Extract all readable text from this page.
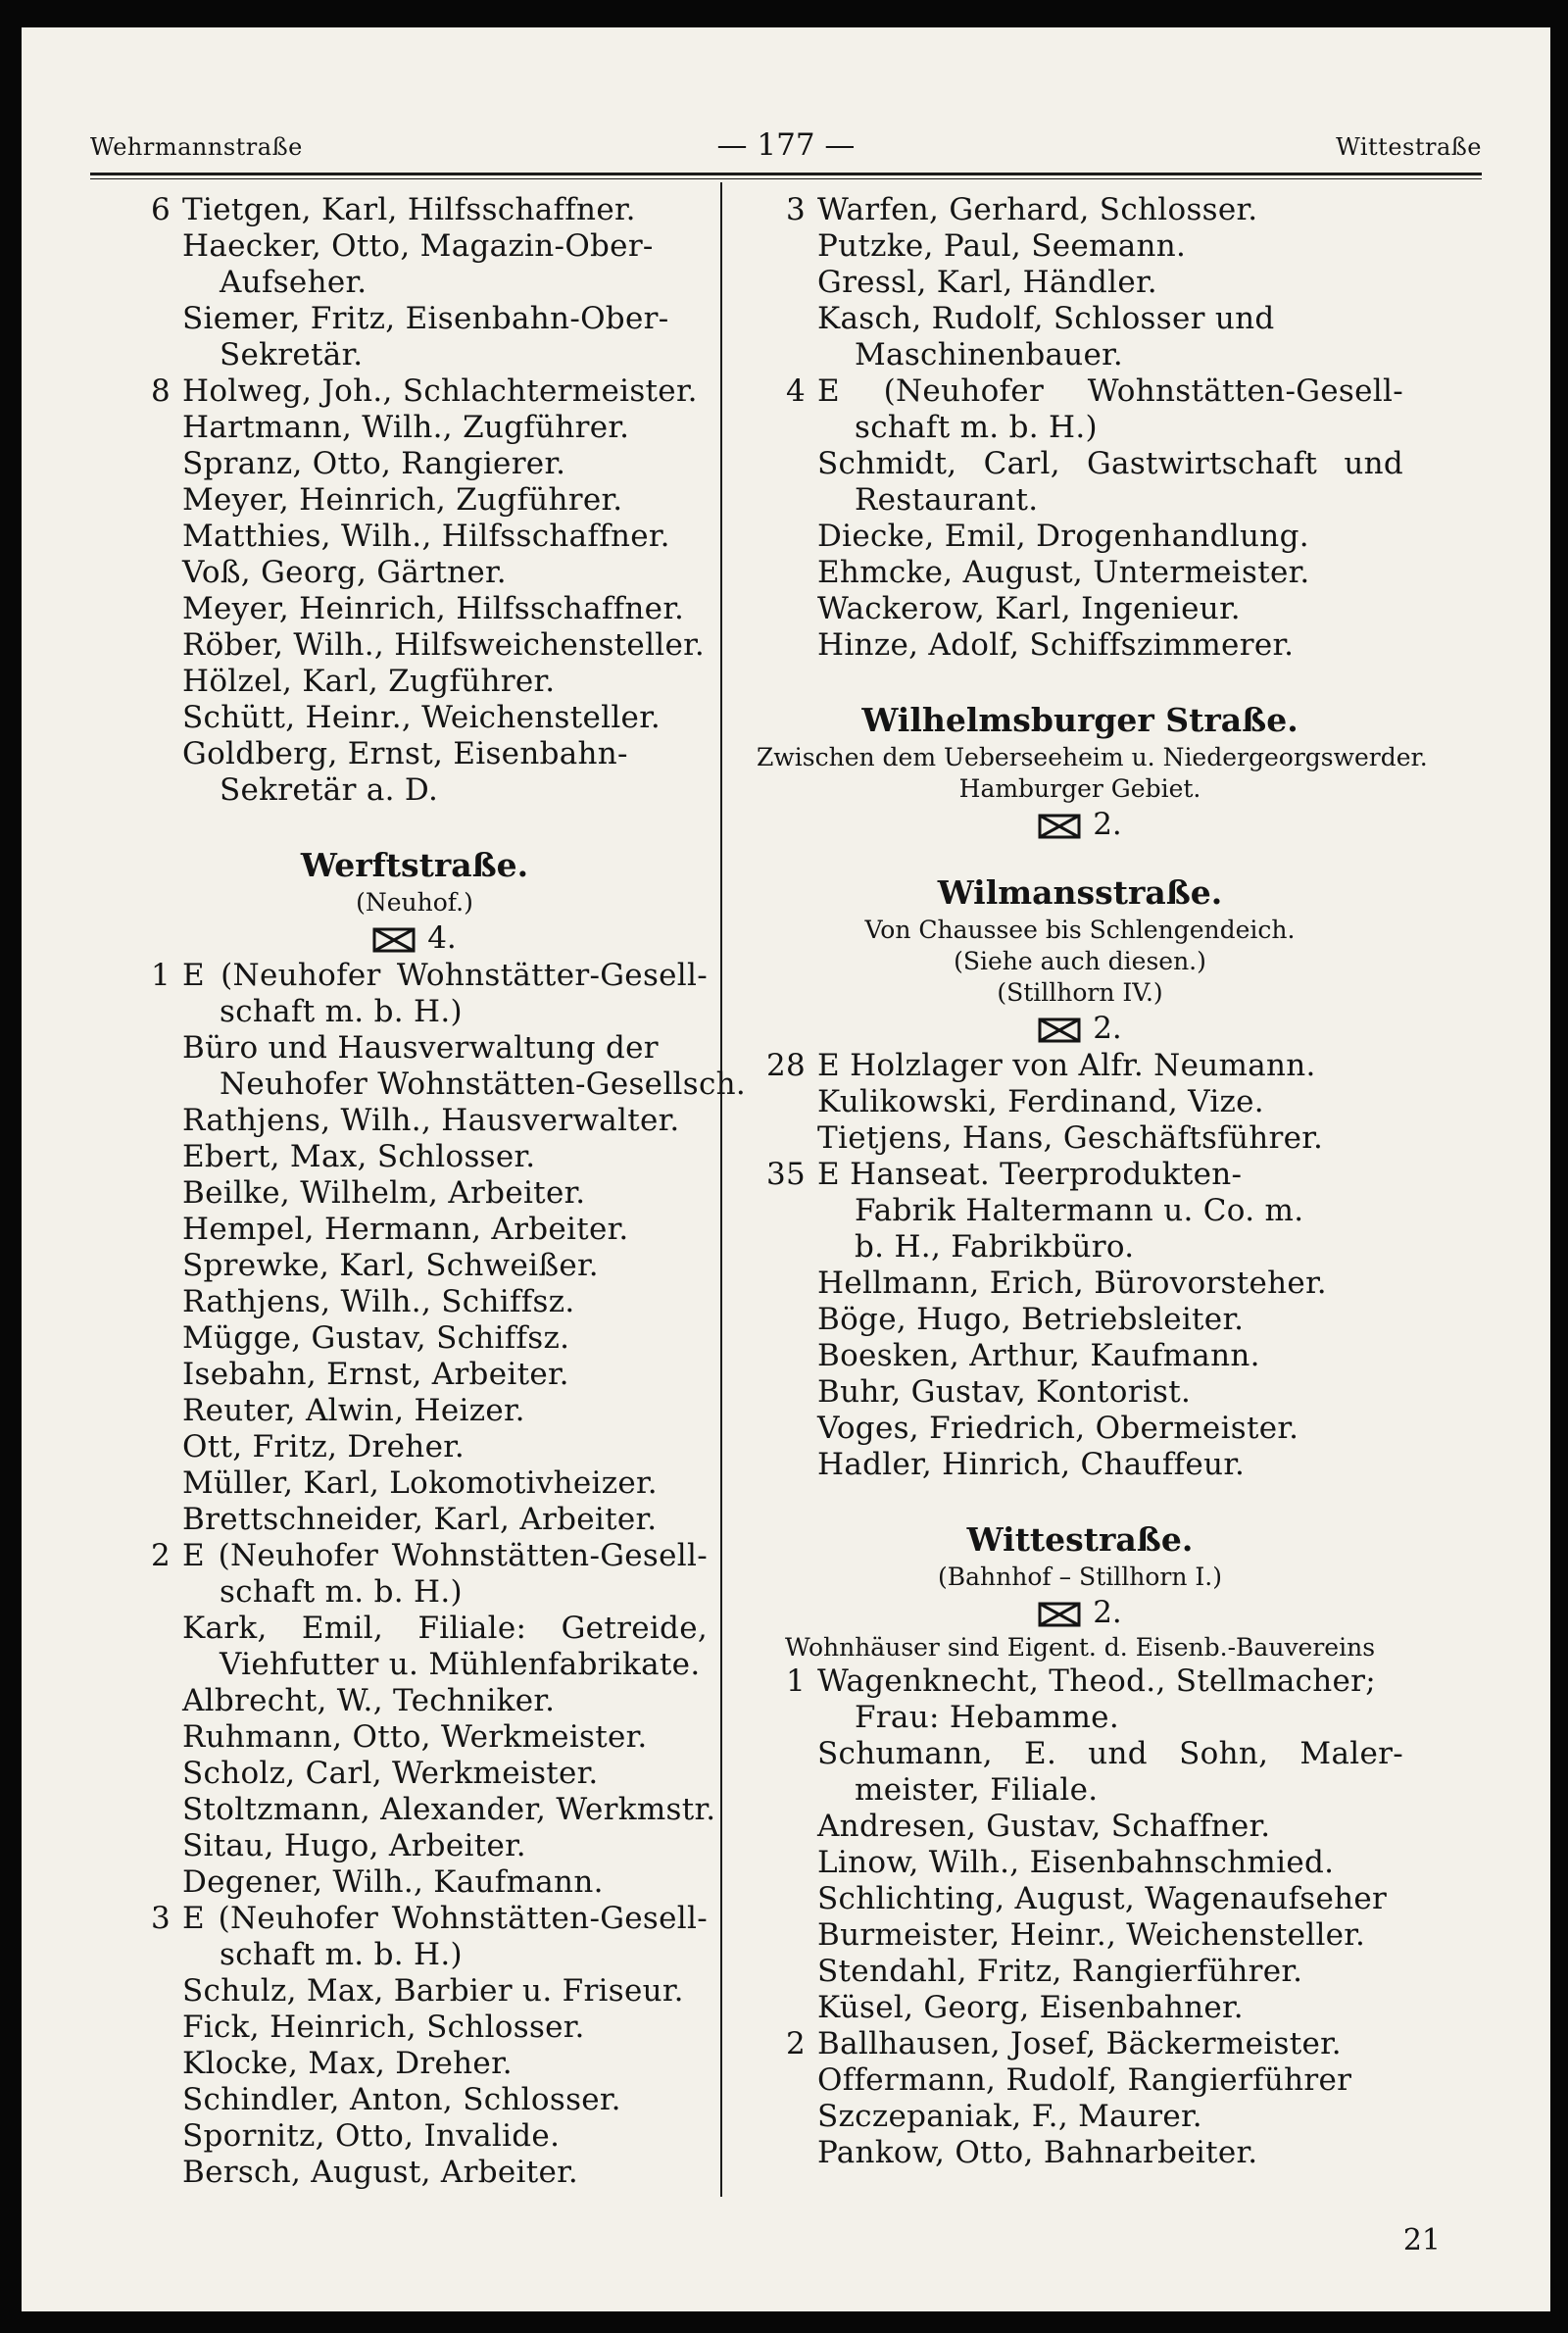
Wehrmannstraße	— 177 —	Wittestraße
6 Tietgen, Karl, Hilfsschaffner.
Haecker, Otto, Magazin-Ober-
Aufseher.
Siemer, Fritz, Eisenbahn-Ober-
Sekretär.
8 Holweg, Joh., Schlachtermeister.
Hartmann, Wilh., Zugführer.
Spranz, Otto, Rangierer.
Meyer, Heinrich, Zugführer.
Matthies, Wilh., Hilfsschaffner.
Voß, Georg, Gärtner.
Meyer, Heinrich, Hilfsschaffner.
Röber, Wilh., Hilfsweichensteller.
Hölzel, Karl, Zugführer.
Schütt, Heinr., Weichensteller.
Goldberg, Ernst, Eisenbahn-
Sekretär a. D.
Werftstraße.
(Neuhof.)
4.
1 E (Neuhofer Wohnstätter-Gesell-
schaft m. b. H.)
Büro und Hausverwaltung der
Neuhofer Wohnstätten-Gesellsch.
Rathjens, Wilh., Hausverwalter.
Ebert, Max, Schlosser.
Beilke, Wilhelm, Arbeiter.
Hempel, Hermann, Arbeiter.
Sprewke, Karl, Schweißer.
Rathjens, Wilh., Schiffsz.
Mügge, Gustav, Schiffsz.
Isebahn, Ernst, Arbeiter.
Reuter, Alwin, Heizer.
Ott, Fritz, Dreher.
Müller, Karl, Lokomotivheizer.
Brettschneider, Karl, Arbeiter.
2 E (Neuhofer Wohnstätten-Gesell-
schaft m. b. H.)
Kark, Emil, Filiale: Getreide,
Viehfutter u. Mühlenfabrikate.
Albrecht, W., Techniker.
Ruhmann, Otto, Werkmeister.
Scholz, Carl, Werkmeister.
Stoltzmann, Alexander, Werkmstr.
Sitau, Hugo, Arbeiter.
Degener, Wilh., Kaufmann.
3 E (Neuhofer Wohnstätten-Gesell-
schaft m. b. H.)
Schulz, Max, Barbier u. Friseur.
Fick, Heinrich, Schlosser.
Klocke, Max, Dreher.
Schindler, Anton, Schlosser.
Spornitz, Otto, Invalide.
Bersch, August, Arbeiter.
3 Warfen, Gerhard, Schlosser.
Putzke, Paul, Seemann.
Gressl, Karl, Händler.
Kasch, Rudolf, Schlosser und
Maschinenbauer.
4 E (Neuhofer Wohnstätten-Gesell-
schaft m. b. H.)
Schmidt, Carl, Gastwirtschaft und
Restaurant.
Diecke, Emil, Drogenhandlung.
Ehmcke, August, Untermeister.
Wackerow, Karl, Ingenieur.
Hinze, Adolf, Schiffszimmerer.
Wilhelmsburger Straße.
Zwischen dem Ueberseeheim u. Niedergeorgswerder.
Hamburger Gebiet.
2.
Wilmansstraße.
Von Chaussee bis Schlengendeich.
(Siehe auch diesen.)
(Stillhorn IV.)
2.
28 E Holzlager von Alfr. Neumann.
Kulikowski, Ferdinand, Vize.
Tietjens, Hans, Geschäftsführer.
35 E Hanseat. Teerprodukten-
Fabrik Haltermann u. Co. m.
b. H., Fabrikbüro.
Hellmann, Erich, Bürovorsteher.
Böge, Hugo, Betriebsleiter.
Boesken, Arthur, Kaufmann.
Buhr, Gustav, Kontorist.
Voges, Friedrich, Obermeister.
Hadler, Hinrich, Chauffeur.
Wittestraße.
(Bahnhof – Stillhorn I.)
2.
Wohnhäuser sind Eigent. d. Eisenb.-Bauvereins
1 Wagenknecht, Theod., Stellmacher;
Frau: Hebamme.
Schumann, E. und Sohn, Maler-
meister, Filiale.
Andresen, Gustav, Schaffner.
Linow, Wilh., Eisenbahnschmied.
Schlichting, August, Wagenaufseher
Burmeister, Heinr., Weichensteller.
Stendahl, Fritz, Rangierführer.
Küsel, Georg, Eisenbahner.
2 Ballhausen, Josef, Bäckermeister.
Offermann, Rudolf, Rangierführer
Szczepaniak, F., Maurer.
Pankow, Otto, Bahnarbeiter.
21
